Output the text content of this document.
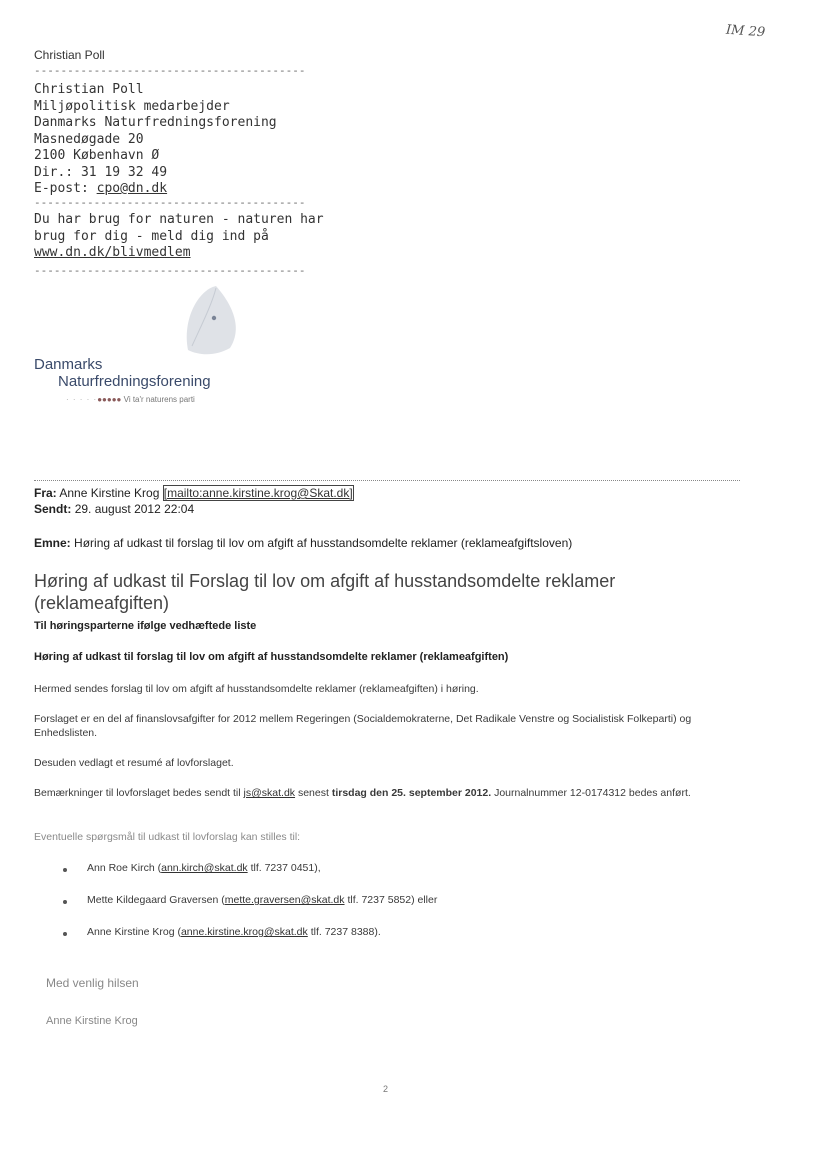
IM 29
Christian Poll
-----------------------------------------
Christian Poll
Miljøpolitisk medarbejder
Danmarks Naturfredningsforening
Masnedøgade 20
2100 København Ø
Dir.: 31 19 32 49
E-post: cpo@dn.dk
-----------------------------------------
Du har brug for naturen - naturen har
brug for dig - meld dig ind på
www.dn.dk/blivmedlem
-----------------------------------------
Danmarks
Naturfredningsforening
· · · · ·●●●●● Vi ta'r naturens parti
Fra: Anne Kirstine Krog [mailto:anne.kirstine.krog@Skat.dk]
Sendt: 29. august 2012 22:04
Emne: Høring af udkast til forslag til lov om afgift af husstandsomdelte reklamer (reklameafgiftsloven)
Høring af udkast til Forslag til lov om afgift af husstandsomdelte reklamer (reklameafgiften)
Til høringsparterne ifølge vedhæftede liste
Høring af udkast til forslag til lov om afgift af husstandsomdelte reklamer (reklameafgiften)
Hermed sendes forslag til lov om afgift af husstandsomdelte reklamer (reklameafgiften) i høring.
Forslaget er en del af finanslovsafgifter for 2012 mellem Regeringen (Socialdemokraterne, Det Radikale Venstre og Socialistisk Folkeparti) og Enhedslisten.
Desuden vedlagt et resumé af lovforslaget.
Bemærkninger til lovforslaget bedes sendt til js@skat.dk senest tirsdag den 25. september 2012. Journalnummer 12-0174312 bedes anført.
Eventuelle spørgsmål til udkast til lovforslag kan stilles til:
Ann Roe Kirch (ann.kirch@skat.dk tlf. 7237 0451),
Mette Kildegaard Graversen (mette.graversen@skat.dk tlf. 7237 5852) eller
Anne Kirstine Krog (anne.kirstine.krog@skat.dk tlf. 7237 8388).
Med venlig hilsen
Anne Kirstine Krog
2
